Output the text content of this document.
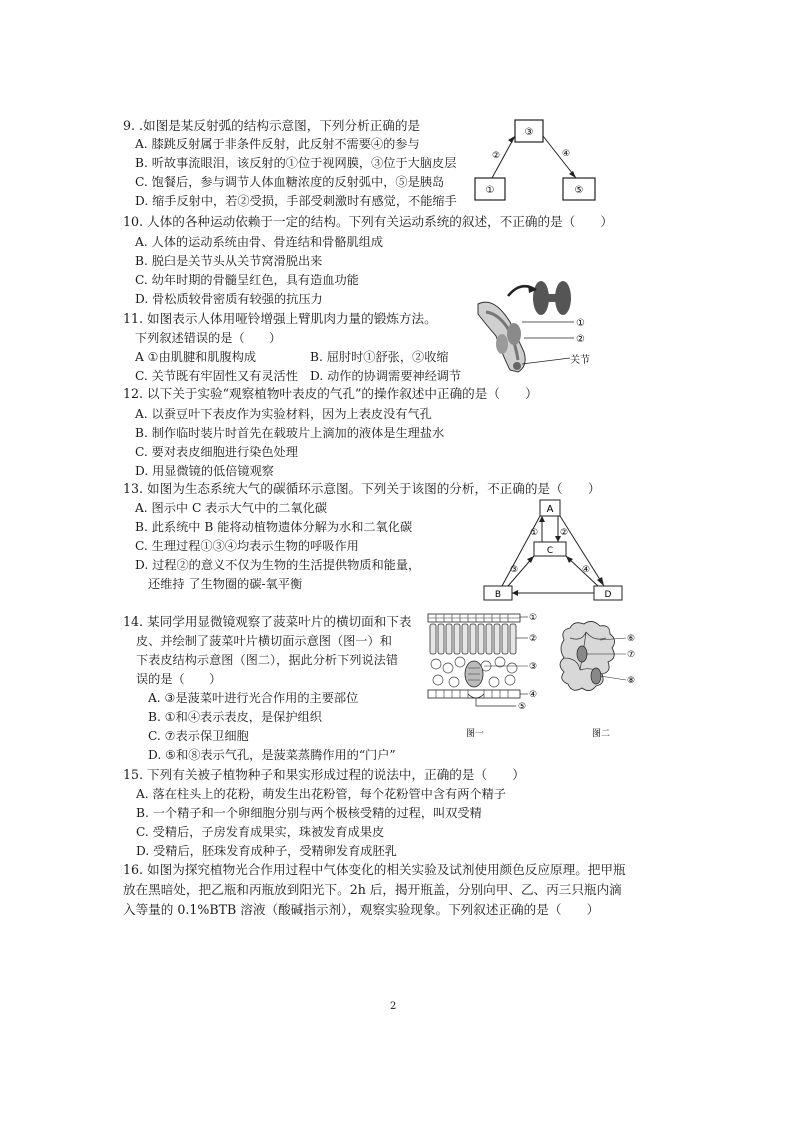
9. .如图是某反射弧的结构示意图，下列分析正确的是
A. 膝跳反射属于非条件反射，此反射不需要④的参与
B. 听故事流眼泪，该反射的①位于视网膜，③位于大脑皮层
C. 饱餐后，参与调节人体血糖浓度的反射弧中，⑤是胰岛
D. 缩手反射中，若②受损，手部受刺激时有感觉，不能缩手
③
①	⑤
②	④
10. 人体的各种运动依赖于一定的结构。下列有关运动系统的叙述，不正确的是（　　）
A. 人体的运动系统由骨、骨连结和骨骼肌组成
B. 脱臼是关节头从关节窝滑脱出来
C. 幼年时期的骨髓呈红色，具有造血功能
D. 骨松质较骨密质有较强的抗压力
11. 如图表示人体用哑铃增强上臂肌肉力量的锻炼方法。
下列叙述错误的是（　　）
A ①由肌腱和肌腹构成	B. 屈肘时①舒张，②收缩
C. 关节既有牢固性又有灵活性 D. 动作的协调需要神经调节
①
②
关节
12. 以下关于实验“观察植物叶表皮的气孔”的操作叙述中正确的是（　　）
A. 以蚕豆叶下表皮作为实验材料，因为上表皮没有气孔
B. 制作临时装片时首先在载玻片上滴加的液体是生理盐水
C. 要对表皮细胞进行染色处理
D. 用显微镜的低倍镜观察
13. 如图为生态系统大气的碳循环示意图。下列关于该图的分析，不正确的是（　　）
A. 图示中 C 表示大气中的二氧化碳
B. 此系统中 B 能将动植物遗体分解为水和二氧化碳
C. 生理过程①③④均表示生物的呼吸作用
D. 过程②的意义不仅为生物的生活提供物质和能量，
还维持 了生物圈的碳-氧平衡
A
C
B	D
① ②
③	④
14. 某同学用显微镜观察了菠菜叶片的横切面和下表
皮、并绘制了菠菜叶片横切面示意图（图一）和
下表皮结构示意图（图二），据此分析下列说法错
误的是（　　）
A. ③是菠菜叶进行光合作用的主要部位
B. ①和④表示表皮，是保护组织
C. ⑦表示保卫细胞
D. ⑤和⑧表示气孔，是菠菜蒸腾作用的“门户”
①
②
③
④
⑤
图一
⑥
⑦
⑧
图二
15. 下列有关被子植物种子和果实形成过程的说法中，正确的是（　　）
A. 落在柱头上的花粉，萌发生出花粉管，每个花粉管中含有两个精子
B. 一个精子和一个卵细胞分别与两个极核受精的过程，叫双受精
C. 受精后，子房发育成果实，珠被发育成果皮
D. 受精后，胚珠发育成种子，受精卵发育成胚乳
16. 如图为探究植物光合作用过程中气体变化的相关实验及试剂使用颜色反应原理。把甲瓶
放在黑暗处，把乙瓶和丙瓶放到阳光下。2h 后，揭开瓶盖，分别向甲、乙、丙三只瓶内滴
入等量的 0.1%BTB 溶液（酸碱指示剂），观察实验现象。下列叙述正确的是（　　）
2
